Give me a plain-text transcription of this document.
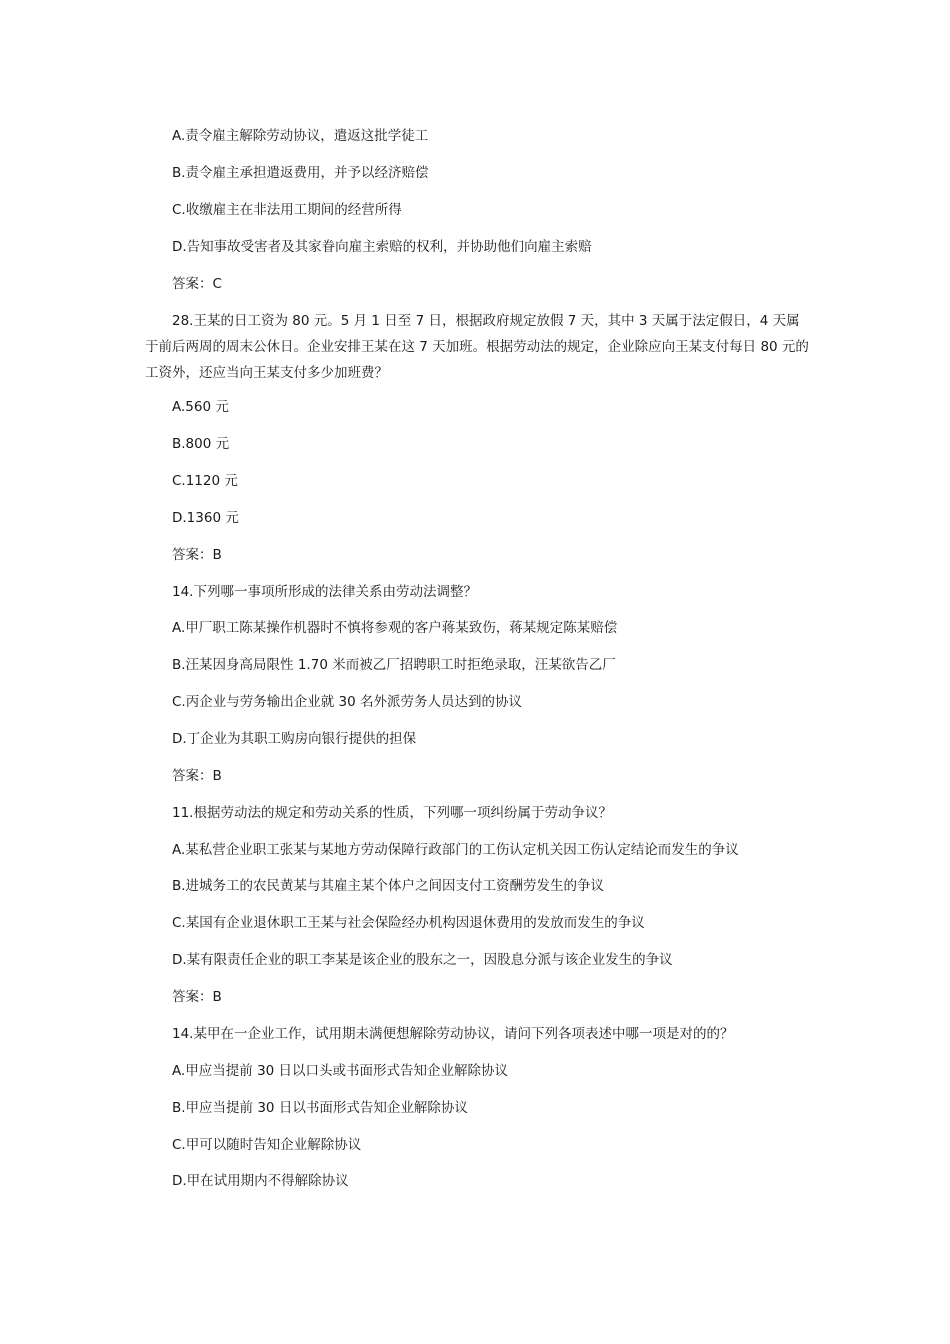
A.责令雇主解除劳动协议，遣返这批学徒工
B.责令雇主承担遣返费用，并予以经济赔偿
C.收缴雇主在非法用工期间的经营所得
D.告知事故受害者及其家眷向雇主索赔的权利，并协助他们向雇主索赔
答案：C
28.王某的日工资为 80 元。5 月 1 日至 7 日，根据政府规定放假 7 天，其中 3 天属于法定假日，4 天属于前后两周的周末公休日。企业安排王某在这 7 天加班。根据劳动法的规定，企业除应向王某支付每日 80 元的工资外，还应当向王某支付多少加班费？
A.560 元
B.800 元
C.1120 元
D.1360 元
答案：B
14.下列哪一事项所形成的法律关系由劳动法调整？
A.甲厂职工陈某操作机器时不慎将参观的客户蒋某致伤，蒋某规定陈某赔偿
B.汪某因身高局限性 1.70 米而被乙厂招聘职工时拒绝录取，汪某欲告乙厂
C.丙企业与劳务输出企业就 30 名外派劳务人员达到的协议
D.丁企业为其职工购房向银行提供的担保
答案：B
11.根据劳动法的规定和劳动关系的性质，下列哪一项纠纷属于劳动争议？
A.某私营企业职工张某与某地方劳动保障行政部门的工伤认定机关因工伤认定结论而发生的争议
B.进城务工的农民黄某与其雇主某个体户之间因支付工资酬劳发生的争议
C.某国有企业退休职工王某与社会保险经办机构因退休费用的发放而发生的争议
D.某有限责任企业的职工李某是该企业的股东之一，因股息分派与该企业发生的争议
答案：B
14.某甲在一企业工作，试用期未满便想解除劳动协议，请问下列各项表述中哪一项是对的的？
A.甲应当提前 30 日以口头或书面形式告知企业解除协议
B.甲应当提前 30 日以书面形式告知企业解除协议
C.甲可以随时告知企业解除协议
D.甲在试用期内不得解除协议
